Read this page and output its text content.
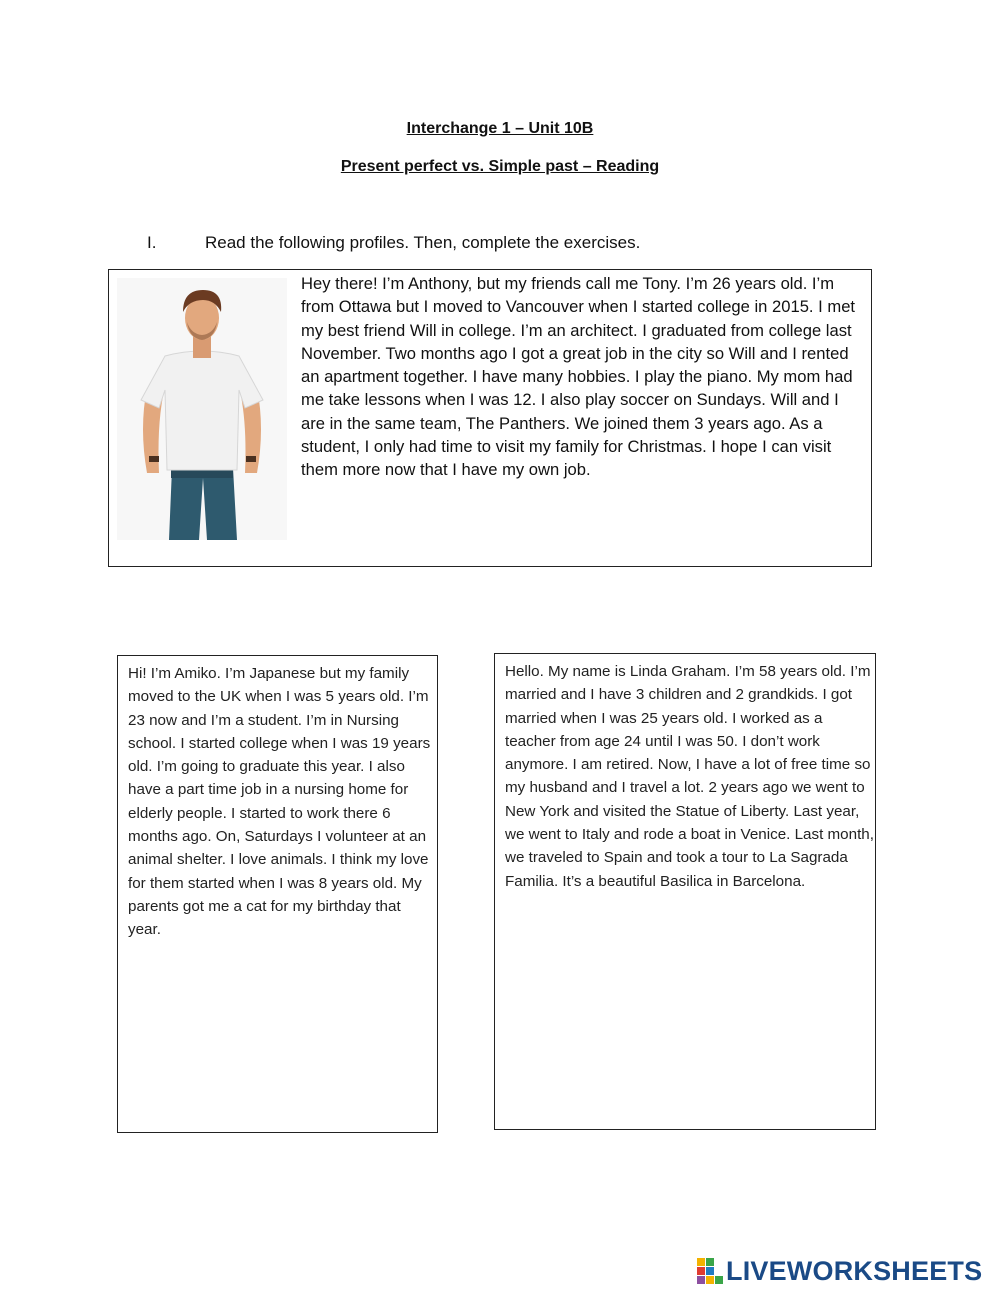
Interchange 1 – Unit 10B
Present perfect vs. Simple past – Reading
I.	Read the following profiles. Then, complete the exercises.

Hey there! I’m Anthony, but my friends call me Tony. I’m 26 years old. I’m from Ottawa but I moved to Vancouver when I started college in 2015. I met my best friend Will in college. I’m an architect. I graduated from college last November. Two months ago I got a great job in the city so Will and I rented an apartment together. I have many hobbies. I play the piano. My mom had me take lessons when I was 12. I also play soccer on Sundays. Will and I are in the same team, The Panthers. We joined them 3 years ago. As a student, I only had time to visit my family for Christmas. I hope I can visit them more now that I have my own job.

Hi! I’m Amiko. I’m Japanese but my family moved to the UK when I was 5 years old. I’m 23 now and I’m a student. I’m in Nursing school. I started college when I was 19 years old. I’m going to graduate this year. I also have a part time job in a nursing home for elderly people. I started to work there 6 months ago. On, Saturdays I volunteer at an animal shelter. I love animals. I think my love for them started when I was 8 years old. My parents got me a cat for my birthday that year.

Hello. My name is Linda Graham. I’m 58 years old. I’m married and I have 3 children and 2 grandkids. I got married when I was 25 years old. I worked as a teacher from age 24 until I was 50. I don’t work anymore. I am retired. Now, I have a lot of free time so my husband and I travel a lot. 2 years ago we went to New York and visited the Statue of Liberty. Last year, we went to Italy and rode a boat in Venice. Last month, we traveled to Spain and took a tour to La Sagrada Familia. It’s a beautiful Basilica in Barcelona.

LIVEWORKSHEETS
